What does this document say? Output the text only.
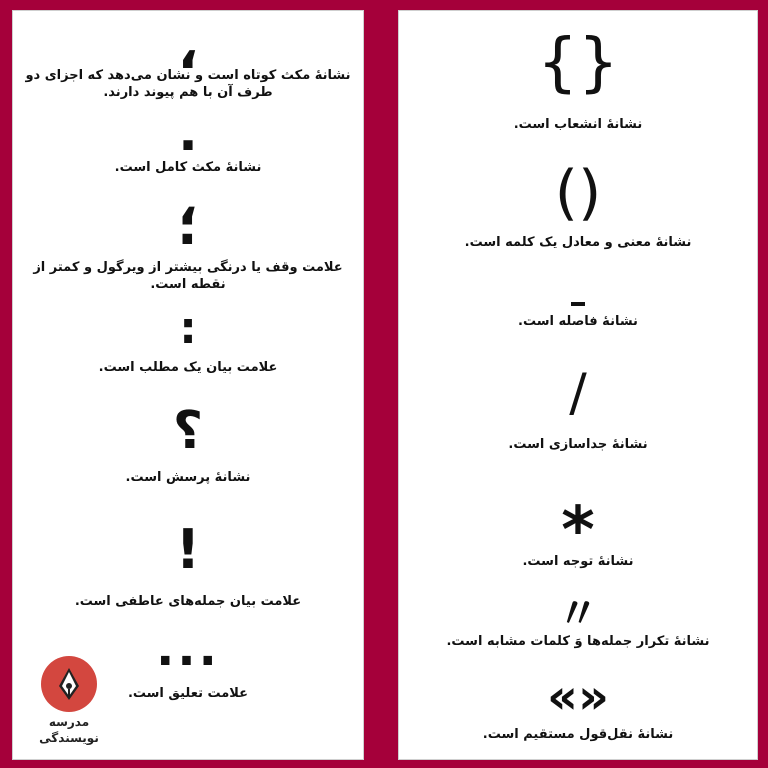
،
نشانهٔ مکث کوتاه است و نشان می‌دهد که اجزای دو طرف آن با هم پیوند دارند.
.
نشانهٔ مکث کامل است.
؛
علامت وقف یا درنگی بیشتر از ویرگول و کمتر از نقطه است.
:
علامت بیان یک مطلب است.
؟
نشانهٔ پرسش است.
!
علامت بیان جمله‌های عاطفی است.
...
علامت تعلیق است.
مدرسه
نویسندگی
{}
نشانهٔ انشعاب است.
()
نشانهٔ معنی و معادل یک کلمه است.
نشانهٔ فاصله است.
/
نشانهٔ جداسازی است.
*
نشانهٔ توجه است.
〃
نشانهٔ تکرار جمله‌ها وَ کلمات مشابه است.
«»
نشانهٔ نقل‌قول مستقیم است.
